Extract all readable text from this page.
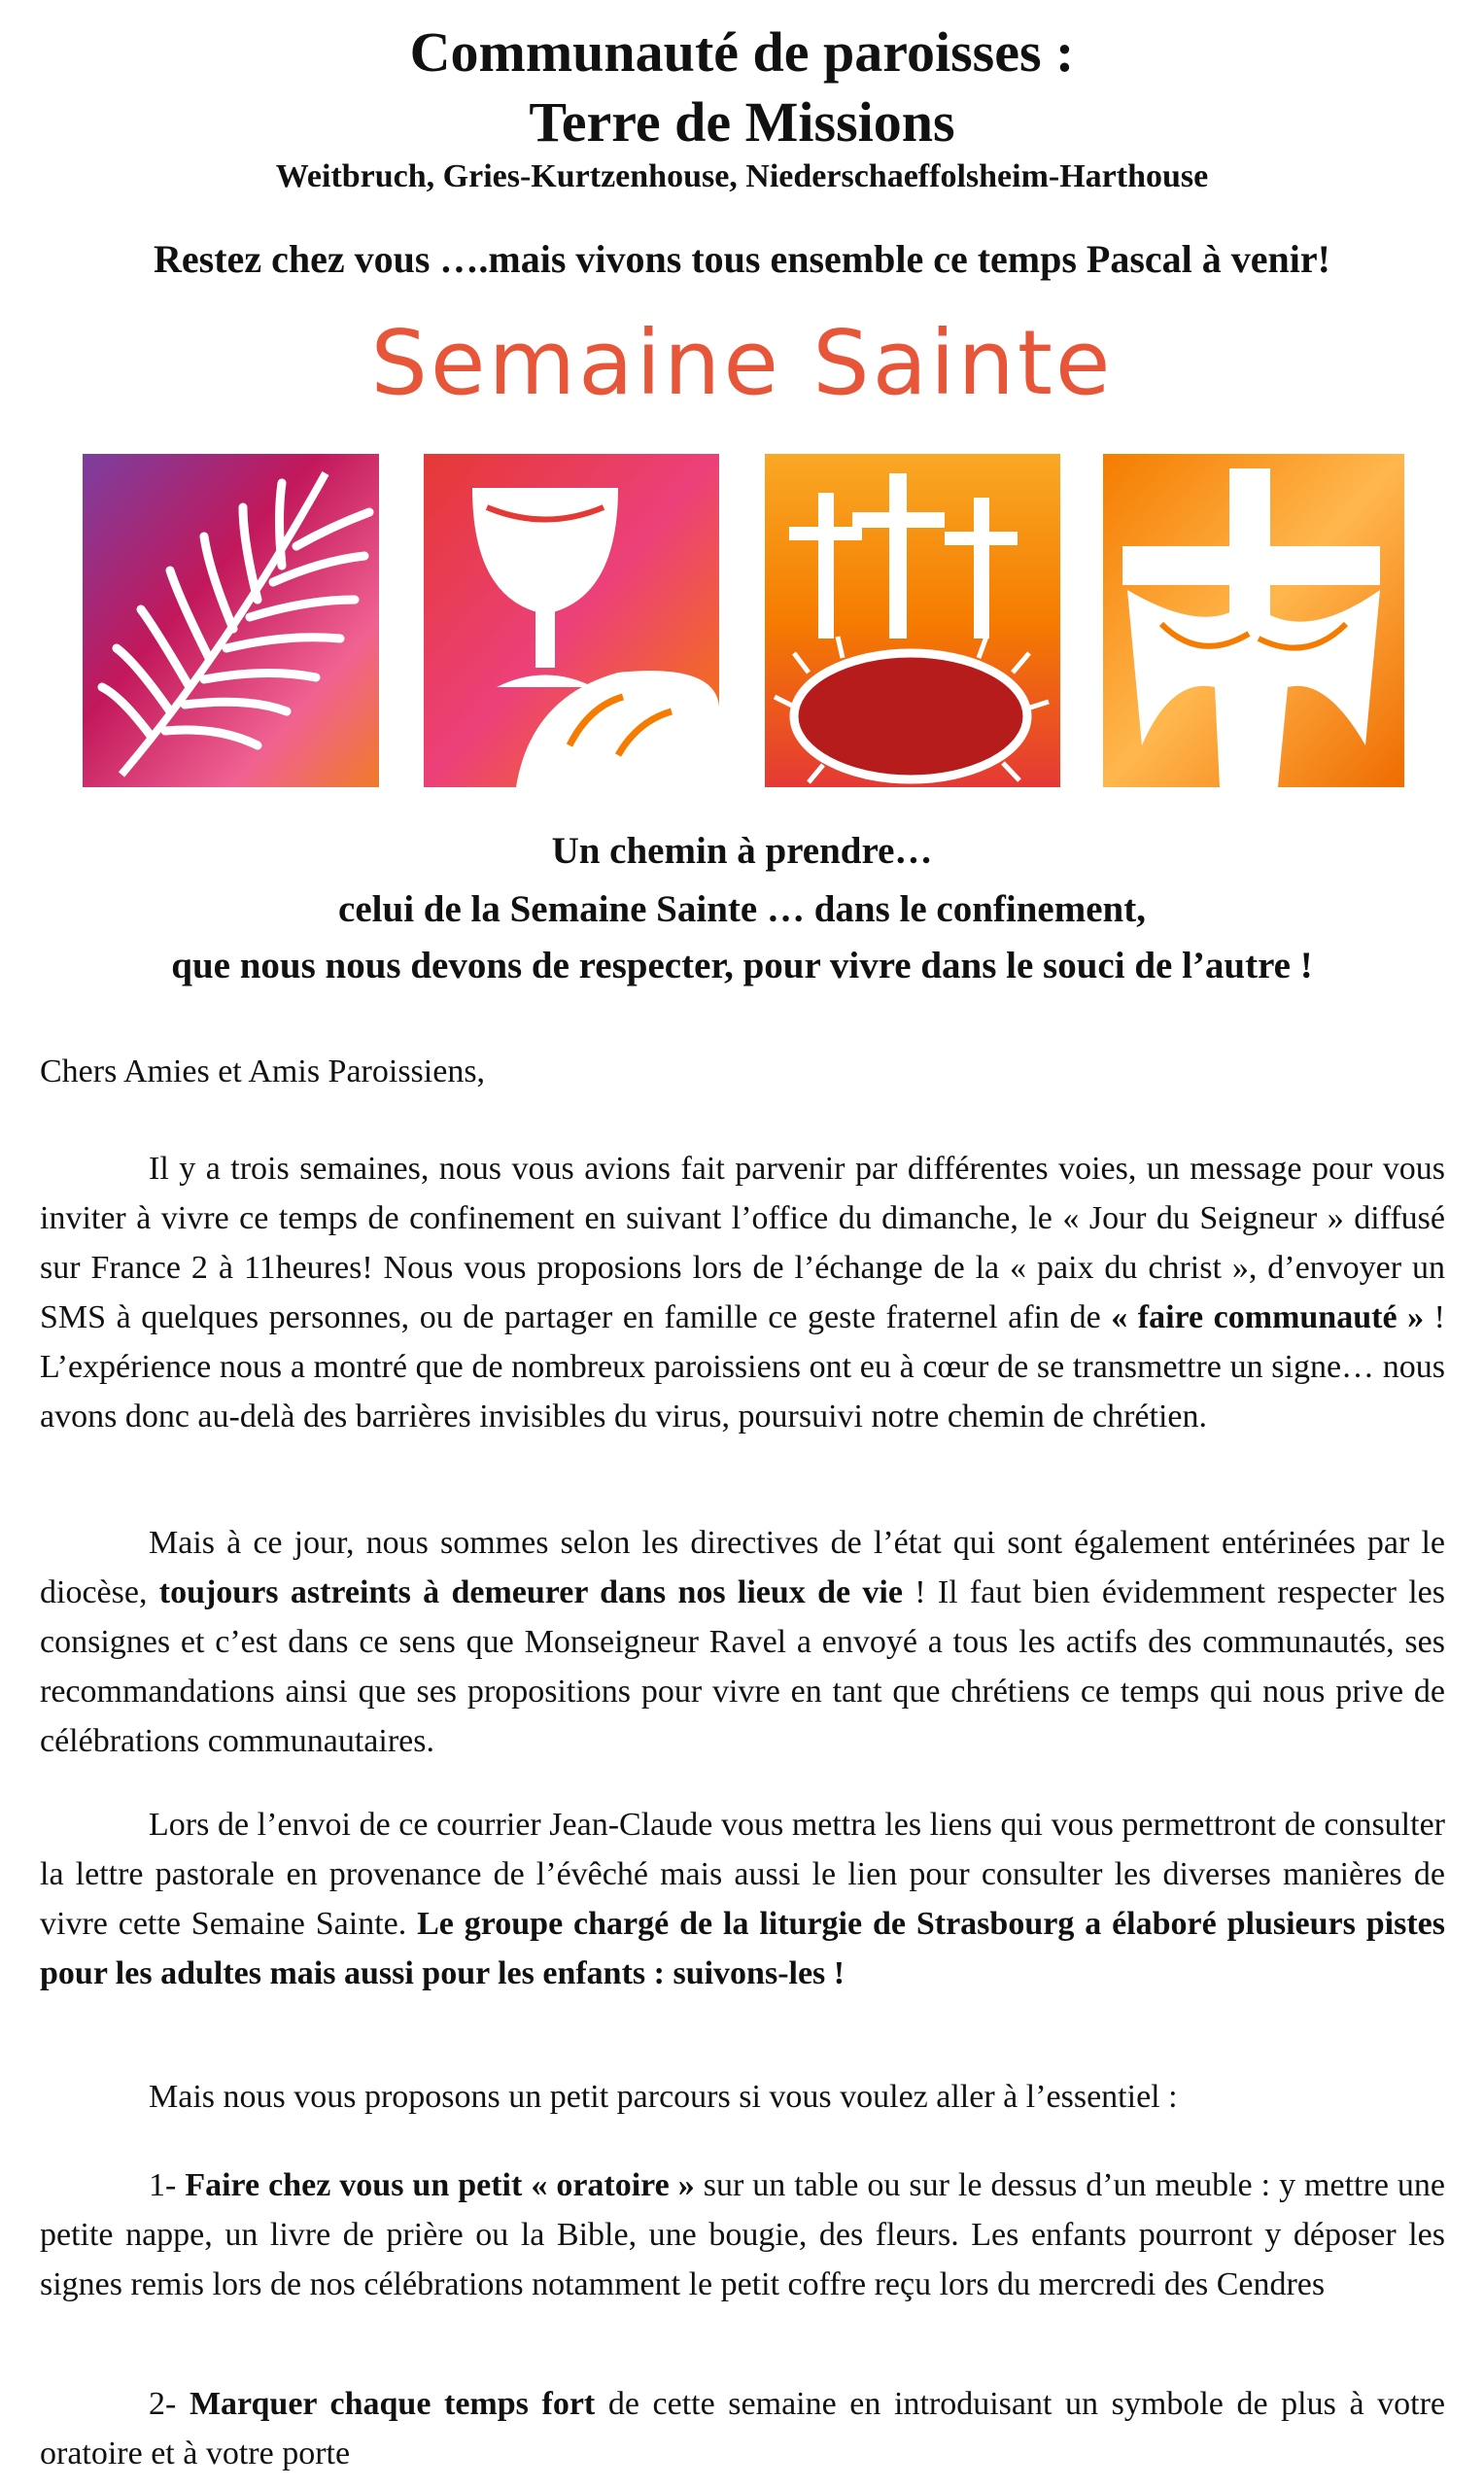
Communauté de paroisses :
Terre de Missions
Weitbruch, Gries-Kurtzenhouse, Niederschaeffolsheim-Harthouse
Restez chez vous ….mais vivons tous ensemble ce temps Pascal à venir!
Semaine Sainte
Un chemin à prendre…
celui de la Semaine Sainte … dans le confinement,
que nous nous devons de respecter, pour vivre dans le souci de l’autre !

Chers Amies et Amis Paroissiens,

Il y a trois semaines, nous vous avions fait parvenir par différentes voies, un message pour vous inviter à vivre ce temps de confinement en suivant l’office du dimanche, le « Jour du Seigneur » diffusé sur France 2 à 11heures! Nous vous proposions lors de l’échange de la « paix du christ », d’envoyer un SMS à quelques personnes, ou de partager en famille ce geste fraternel afin de « faire communauté » ! L’expérience nous a montré que de nombreux paroissiens ont eu à cœur de se transmettre un signe… nous avons donc au-delà des barrières invisibles du virus, poursuivi notre chemin de chrétien.

Mais à ce jour, nous sommes selon les directives de l’état qui sont également entérinées par le diocèse, toujours astreints à demeurer dans nos lieux de vie ! Il faut bien évidemment respecter les consignes et c’est dans ce sens que Monseigneur Ravel a envoyé a tous les actifs des communautés, ses recommandations ainsi que ses propositions pour vivre en tant que chrétiens ce temps qui nous prive de célébrations communautaires.

Lors de l’envoi de ce courrier Jean-Claude vous mettra les liens qui vous permettront de consulter la lettre pastorale en provenance de l’évêché mais aussi le lien pour consulter les diverses manières de vivre cette Semaine Sainte. Le groupe chargé de la liturgie de Strasbourg a élaboré plusieurs pistes pour les adultes mais aussi pour les enfants : suivons-les !

Mais nous vous proposons un petit parcours si vous voulez aller à l’essentiel :

1- Faire chez vous un petit « oratoire » sur un table ou sur le dessus d’un meuble : y mettre une petite nappe, un livre de prière ou la Bible, une bougie, des fleurs. Les enfants pourront y déposer les signes remis lors de nos célébrations notamment le petit coffre reçu lors du mercredi des Cendres

2- Marquer chaque temps fort de cette semaine en introduisant un symbole de plus à votre oratoire et à votre porte
